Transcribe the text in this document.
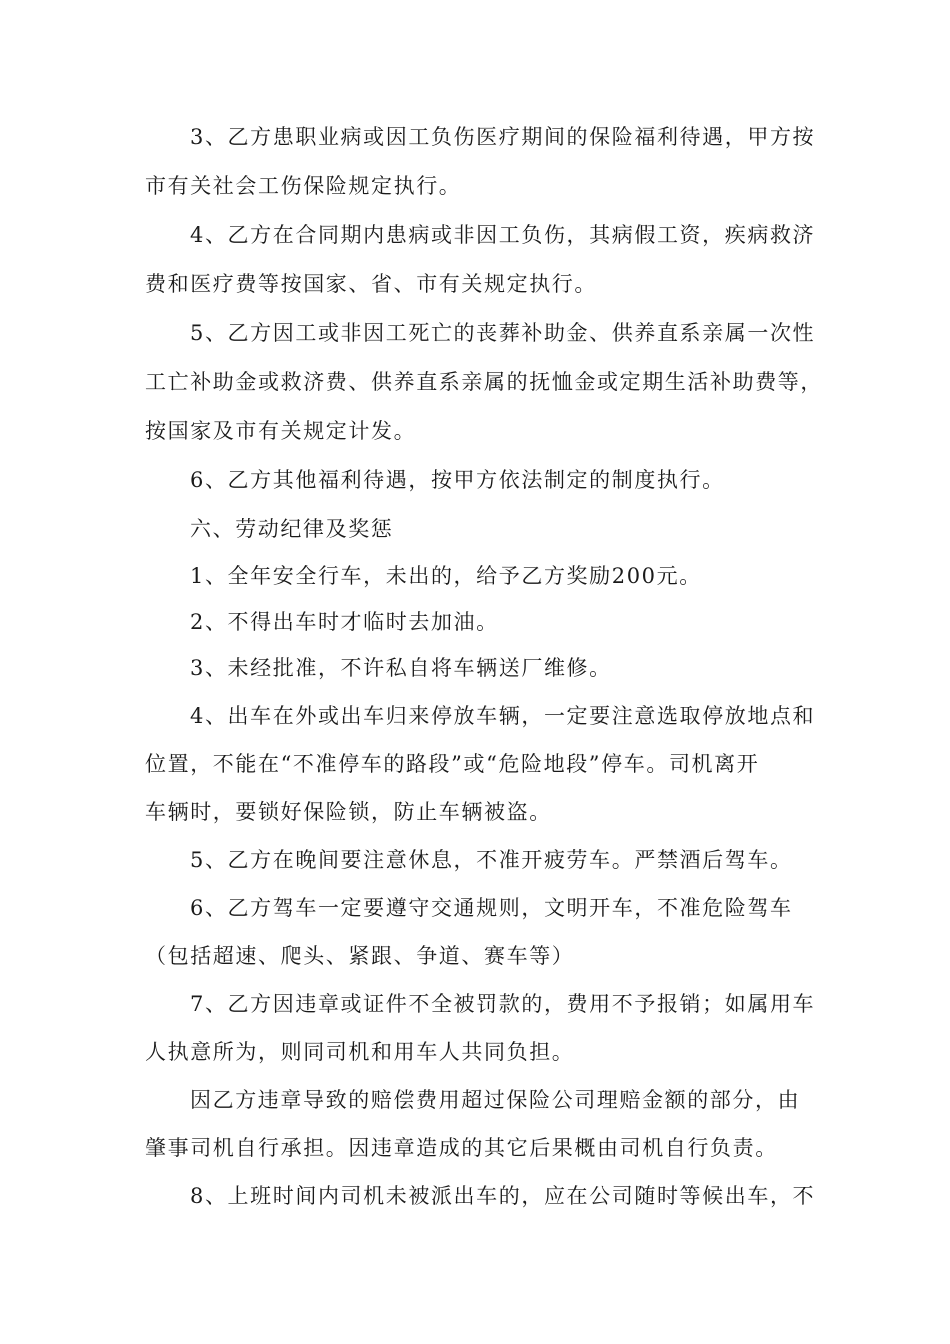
3、乙方患职业病或因工负伤医疗期间的保险福利待遇，甲方按
市有关社会工伤保险规定执行。
4、乙方在合同期内患病或非因工负伤，其病假工资，疾病救济
费和医疗费等按国家、省、市有关规定执行。
5、乙方因工或非因工死亡的丧葬补助金、供养直系亲属一次性
工亡补助金或救济费、供养直系亲属的抚恤金或定期生活补助费等，
按国家及市有关规定计发。
6、乙方其他福利待遇，按甲方依法制定的制度执行。
六、劳动纪律及奖惩
1、全年安全行车，未出的，给予乙方奖励200元。
2、不得出车时才临时去加油。
3、未经批准，不许私自将车辆送厂维修。
4、出车在外或出车归来停放车辆，一定要注意选取停放地点和
位置，不能在“不准停车的路段”或“危险地段”停车。司机离开
车辆时，要锁好保险锁，防止车辆被盗。
5、乙方在晚间要注意休息，不准开疲劳车。严禁酒后驾车。
6、乙方驾车一定要遵守交通规则，文明开车，不准危险驾车
（包括超速、爬头、紧跟、争道、赛车等）
7、乙方因违章或证件不全被罚款的，费用不予报销；如属用车
人执意所为，则同司机和用车人共同负担。
因乙方违章导致的赔偿费用超过保险公司理赔金额的部分，由
肇事司机自行承担。因违章造成的其它后果概由司机自行负责。
8、上班时间内司机未被派出车的，应在公司随时等候出车，不
